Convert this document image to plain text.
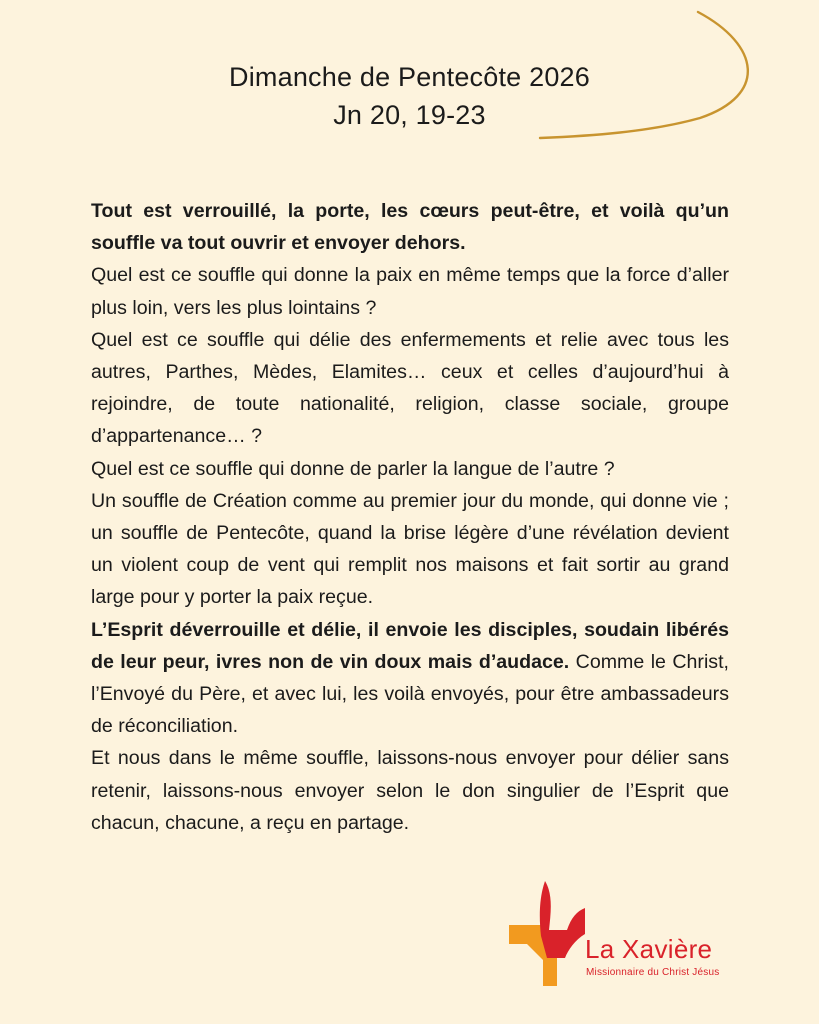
Dimanche de Pentecôte 2026
Jn 20, 19-23

Tout est verrouillé, la porte, les cœurs peut-être, et voilà qu’un souffle va tout ouvrir et envoyer dehors.

Quel est ce souffle qui donne la paix en même temps que la force d’aller plus loin, vers les plus lointains ?

Quel est ce souffle qui délie des enfermements et relie avec tous les autres, Parthes, Mèdes, Elamites… ceux et celles d’aujourd’hui à rejoindre, de toute nationalité, religion, classe sociale, groupe d’appartenance… ?

Quel est ce souffle qui donne de parler la langue de l’autre ?

Un souffle de Création comme au premier jour du monde, qui donne vie ; un souffle de Pentecôte, quand la brise légère d’une révélation devient un violent coup de vent qui remplit nos maisons et fait sortir au grand large pour y porter la paix reçue.

L’Esprit déverrouille et délie, il envoie les disciples, soudain libérés de leur peur, ivres non de vin doux mais d’audace. Comme le Christ, l’Envoyé du Père, et avec lui, les voilà envoyés, pour être ambassadeurs de réconciliation.

Et nous dans le même souffle, laissons-nous envoyer pour délier sans retenir, laissons-nous envoyer selon le don singulier de l’Esprit que chacun, chacune, a reçu en partage.

La Xavière
Missionnaire du Christ Jésus
